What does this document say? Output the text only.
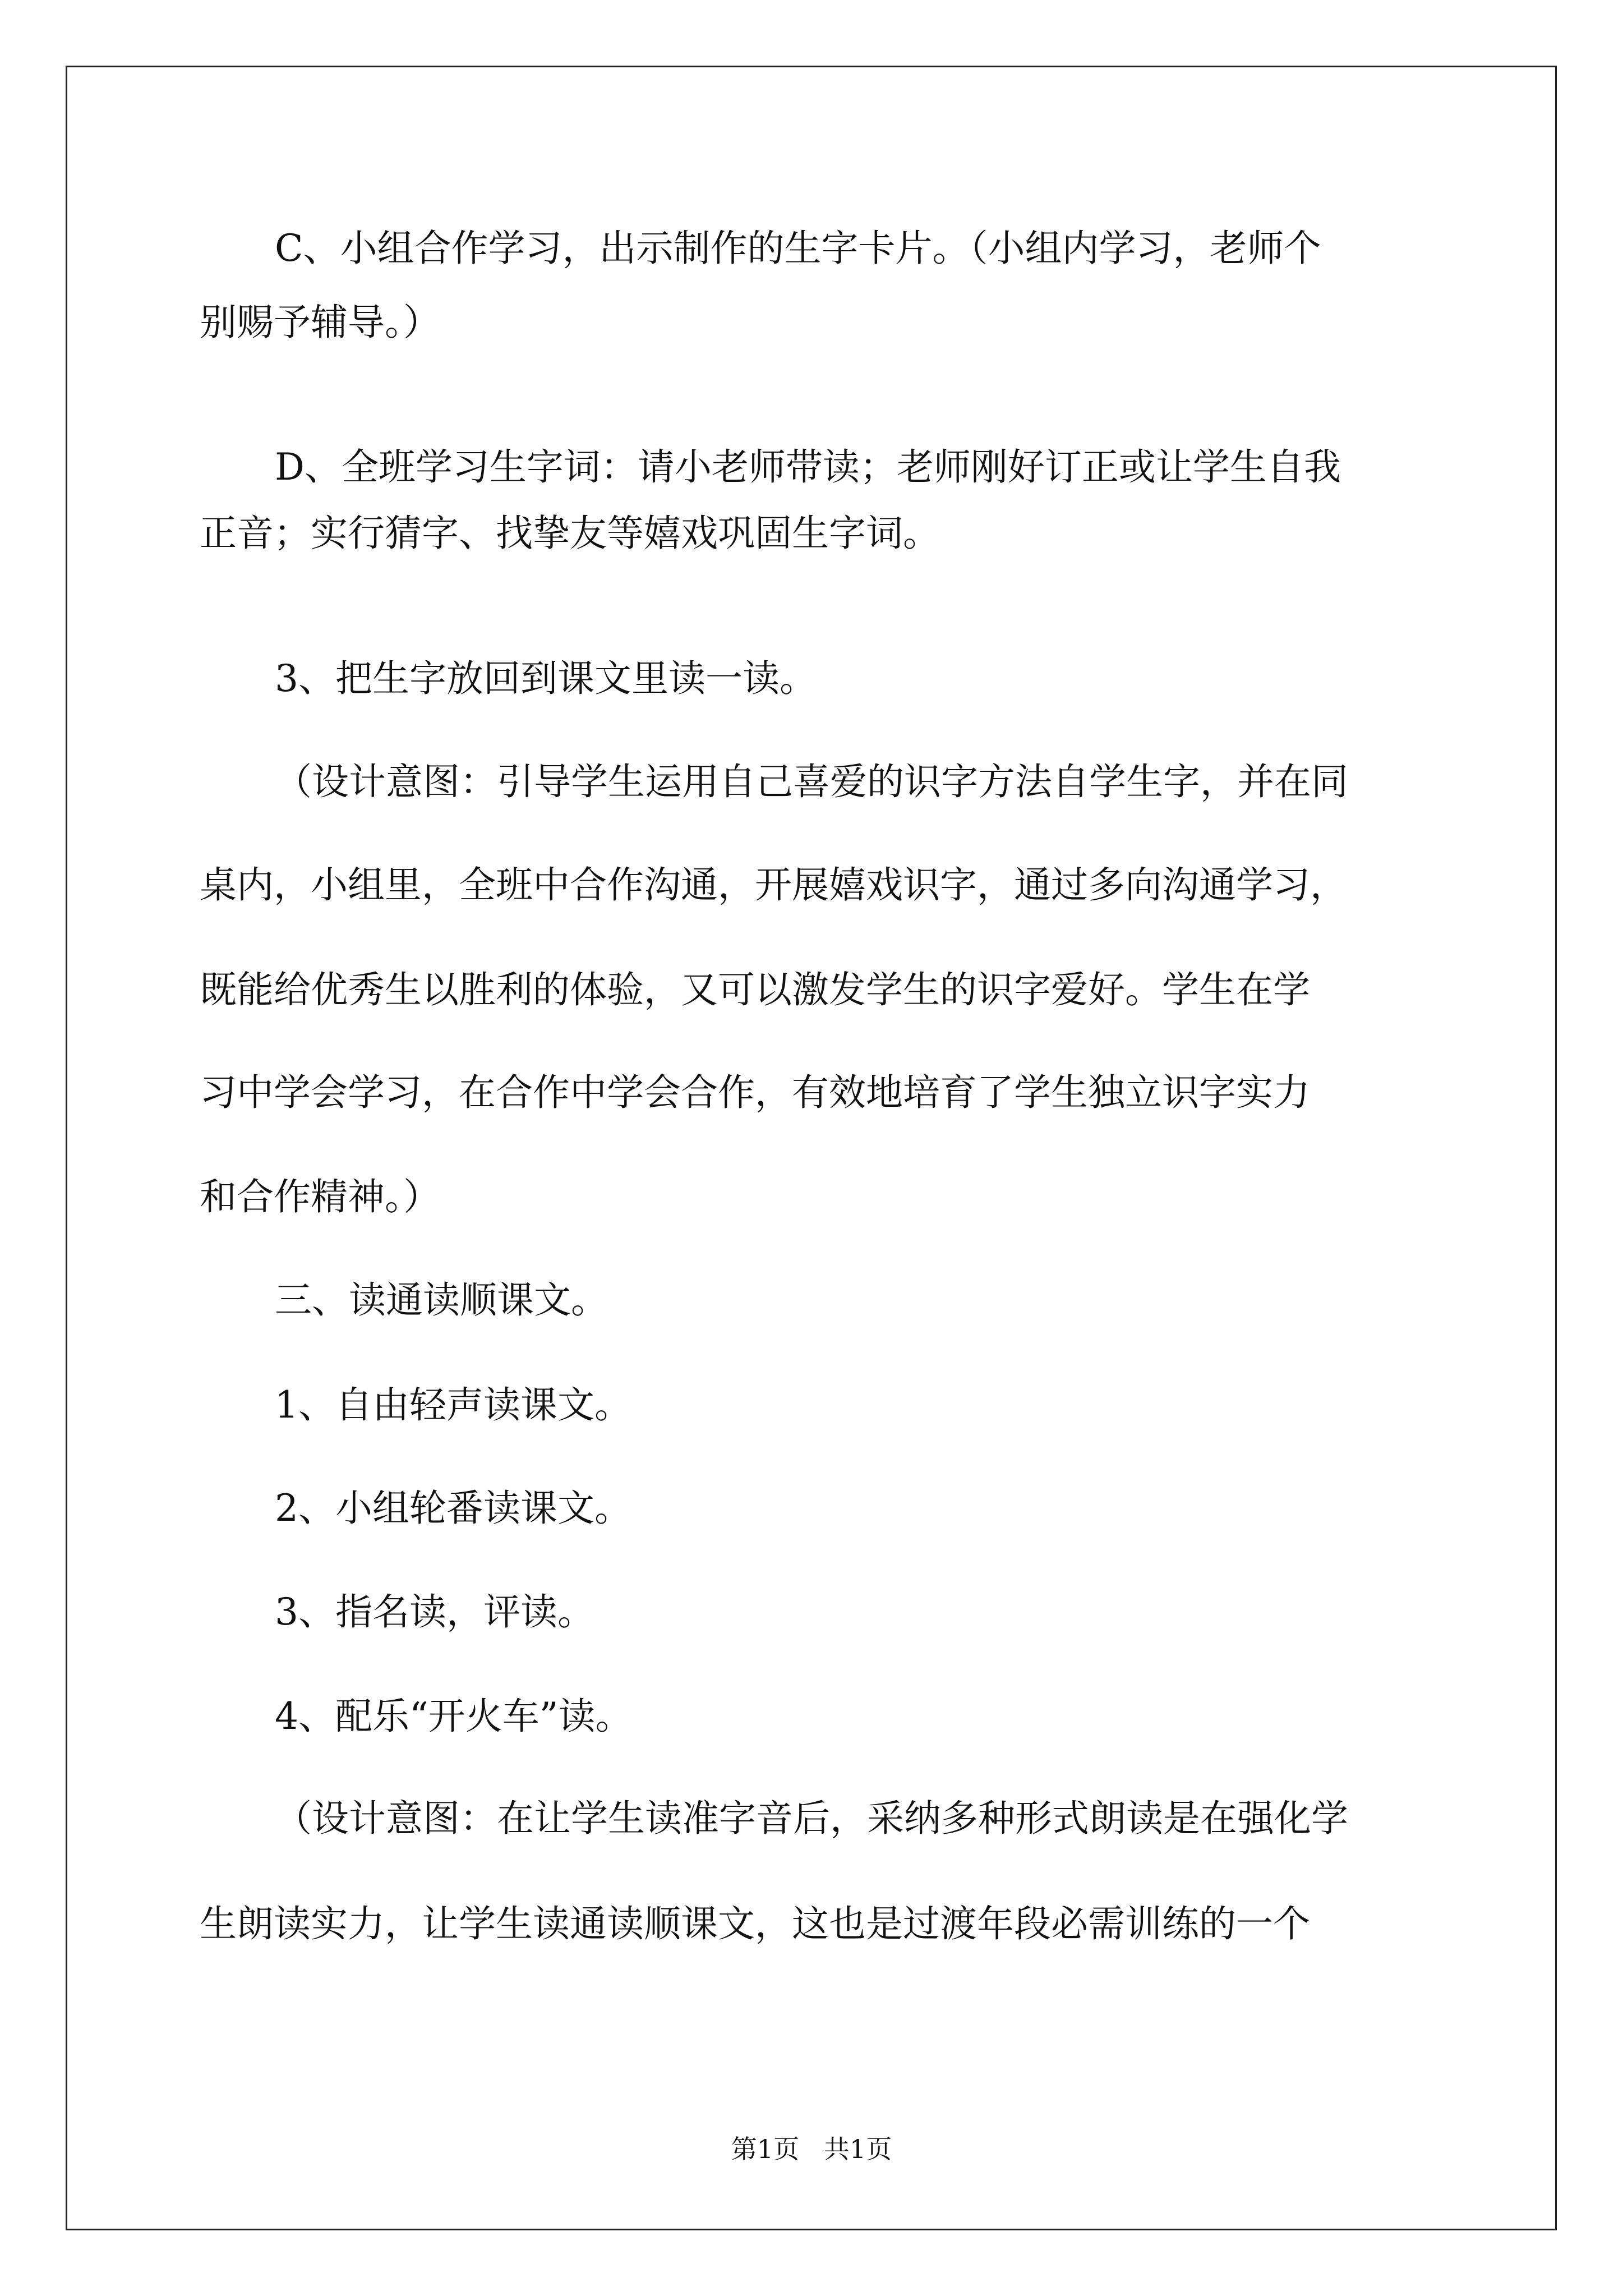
C、小组合作学习，出示制作的生字卡片。（小组内学习，老师个
别赐予辅导。）
D、全班学习生字词：请小老师带读；老师刚好订正或让学生自我
正音；实行猜字、找挚友等嬉戏巩固生字词。
3、把生字放回到课文里读一读。
（设计意图：引导学生运用自己喜爱的识字方法自学生字，并在同
桌内，小组里，全班中合作沟通，开展嬉戏识字，通过多向沟通学习，
既能给优秀生以胜利的体验，又可以激发学生的识字爱好。学生在学
习中学会学习，在合作中学会合作，有效地培育了学生独立识字实力
和合作精神。）
三、读通读顺课文。
1、自由轻声读课文。
2、小组轮番读课文。
3、指名读，评读。
4、配乐“开火车”读。
（设计意图：在让学生读准字音后，采纳多种形式朗读是在强化学
生朗读实力，让学生读通读顺课文，这也是过渡年段必需训练的一个
第1页   共1页
